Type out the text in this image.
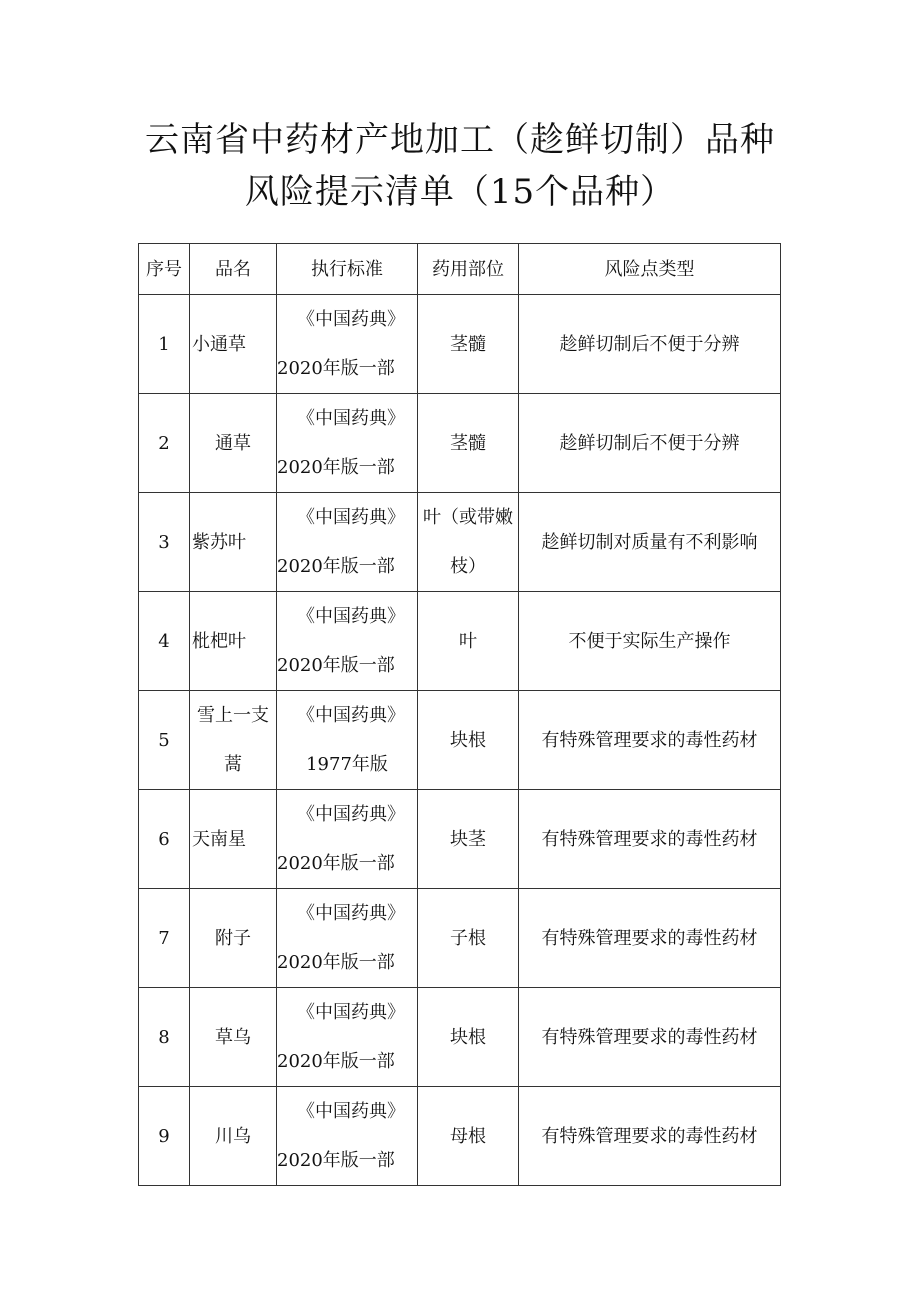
云南省中药材产地加工（趁鲜切制）品种
风险提示清单（15个品种）
序号	品名	执行标准	药用部位	风险点类型

1	小通草	《中国药典》
2020年版一部	茎髓	趁鲜切制后不便于分辨

2	通草	《中国药典》
2020年版一部	茎髓	趁鲜切制后不便于分辨

3	紫苏叶	《中国药典》
2020年版一部	叶（或带嫩枝）	趁鲜切制对质量有不利影响

4	枇杷叶	《中国药典》
2020年版一部	叶	不便于实际生产操作

5	雪上一支蒿	《中国药典》
1977年版	块根	有特殊管理要求的毒性药材

6	天南星	《中国药典》
2020年版一部	块茎	有特殊管理要求的毒性药材

7	附子	《中国药典》
2020年版一部	子根	有特殊管理要求的毒性药材

8	草乌	《中国药典》
2020年版一部	块根	有特殊管理要求的毒性药材

9	川乌	《中国药典》
2020年版一部	母根	有特殊管理要求的毒性药材
